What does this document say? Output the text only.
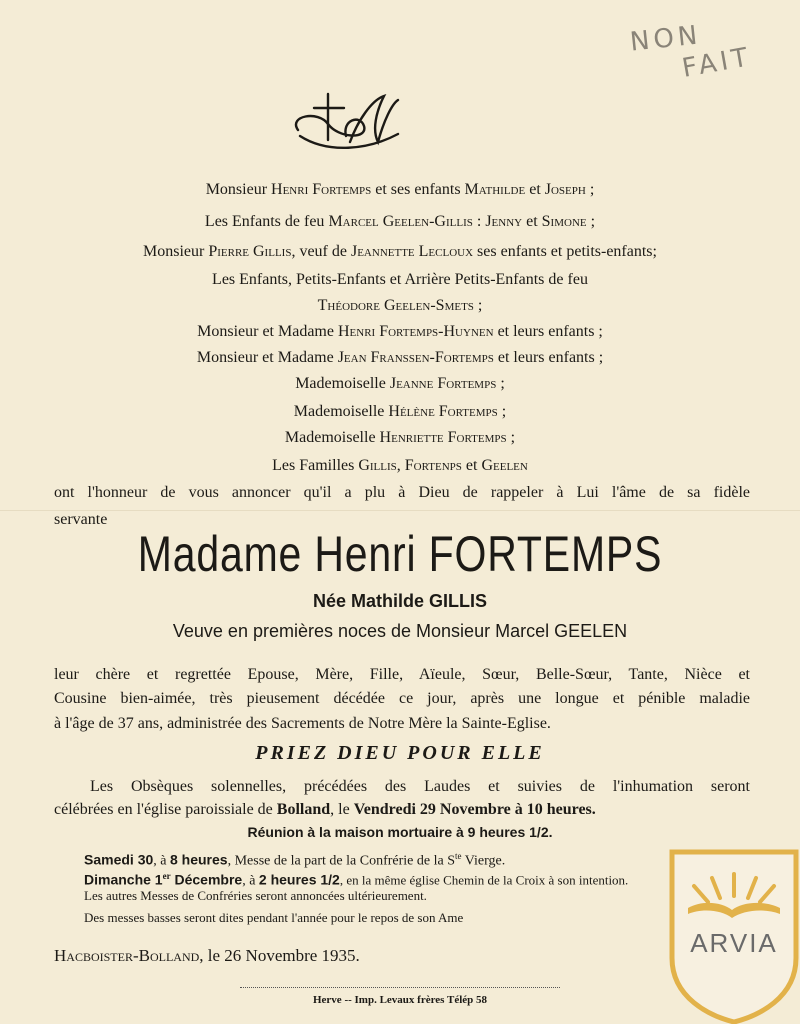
NON
FAIT
Monsieur Henri Fortemps et ses enfants Mathilde et Joseph ;
Les Enfants de feu Marcel Geelen-Gillis : Jenny et Simone ;
Monsieur Pierre Gillis, veuf de Jeannette Lecloux ses enfants et petits-enfants;
Les Enfants, Petits-Enfants et Arrière Petits-Enfants de feu
Théodore Geelen-Smets ;
Monsieur et Madame Henri Fortemps-Huynen et leurs enfants ;
Monsieur et Madame Jean Franssen-Fortemps et leurs enfants ;
Mademoiselle Jeanne Fortemps ;
Mademoiselle Hélène Fortemps ;
Mademoiselle Henriette Fortemps ;
Les Familles Gillis, Fortenps et Geelen
ont l'honneur de vous annoncer qu'il a plu à Dieu de rappeler à Lui l'âme de sa fidèle
servante
Madame Henri FORTEMPS
Née Mathilde GILLIS
Veuve en premières noces de Monsieur Marcel GEELEN
leur chère et regrettée Epouse, Mère, Fille, Aïeule, Sœur, Belle-Sœur, Tante, Nièce et
Cousine bien-aimée, très pieusement décédée ce jour, après une longue et pénible maladie
à l'âge de 37 ans, administrée des Sacrements de Notre Mère la Sainte-Eglise.
PRIEZ DIEU POUR ELLE
Les Obsèques solennelles, précédées des Laudes et suivies de l'inhumation seront
célébrées en l'église paroissiale de Bolland, le Vendredi 29 Novembre à 10 heures.
Réunion à la maison mortuaire à 9 heures 1/2.
Samedi 30, à 8 heures, Messe de la part de la Confrérie de la $S^{te}$ Vierge.
Dimanche 1er Décembre, à 2 heures 1/2, en la même église Chemin de la Croix à son intention.
Les autres Messes de Confréries seront annoncées ultérieurement.
Des messes basses seront dites pendant l'année pour le repos de son Ame
Hacboister-Bolland, le 26 Novembre 1935.
Herve -- Imp. Levaux frères Télép 58
ARVIA
